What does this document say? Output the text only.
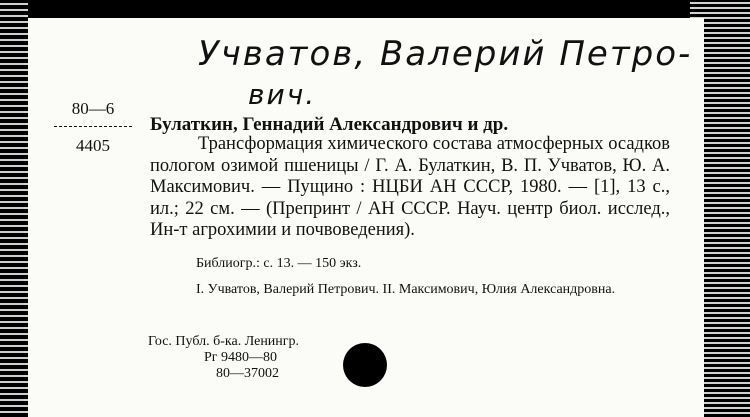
Учватов, Валерий Петро-
вич.
80—6
4405
Булаткин, Геннадий Александрович и др.
Трансформация химического состава атмосферных осадков пологом озимой пшеницы / Г. А. Булаткин, В. П. Учватов, Ю. А. Максимович. — Пущино : НЦБИ АН СССР, 1980. — [1], 13 с., ил.; 22 см. — (Препринт / АН СССР. Науч. центр биол. исслед., Ин-т агрохимии и почвоведения).
Библиогр.: с. 13. — 150 экз.
I. Учватов, Валерий Петрович. II. Максимович, Юлия Александровна.
Гос. Публ. б-ка. Ленингр.
Рг 9480—80
80—37002
